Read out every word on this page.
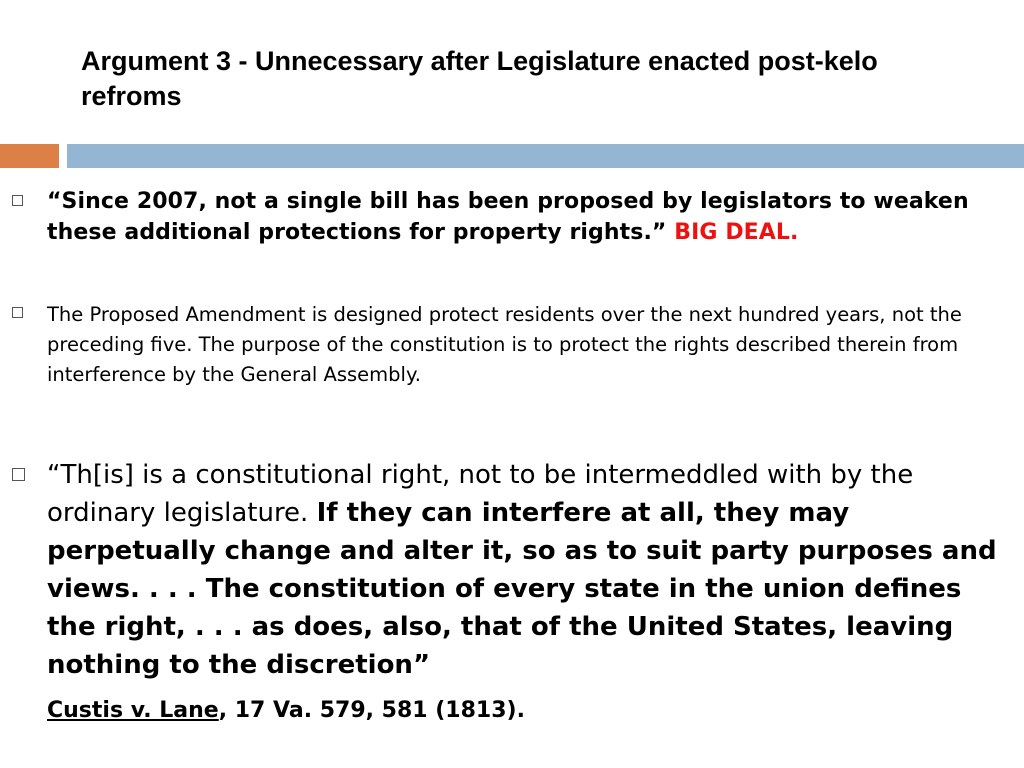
Argument 3 - Unnecessary after Legislature enacted post-kelo refroms
“Since 2007, not a single bill has been proposed by legislators to weaken these additional protections for property rights.” BIG DEAL.
The Proposed Amendment is designed protect residents over the next hundred years, not the preceding five. The purpose of the constitution is to protect the rights described therein from interference by the General Assembly.
“Th[is] is a constitutional right, not to be intermeddled with by the ordinary legislature. If they can interfere at all, they may perpetually change and alter it, so as to suit party purposes and views. . . . The constitution of every state in the union defines the right, . . . as does, also, that of the United States, leaving nothing to the discretion”
Custis v. Lane, 17 Va. 579, 581 (1813).
